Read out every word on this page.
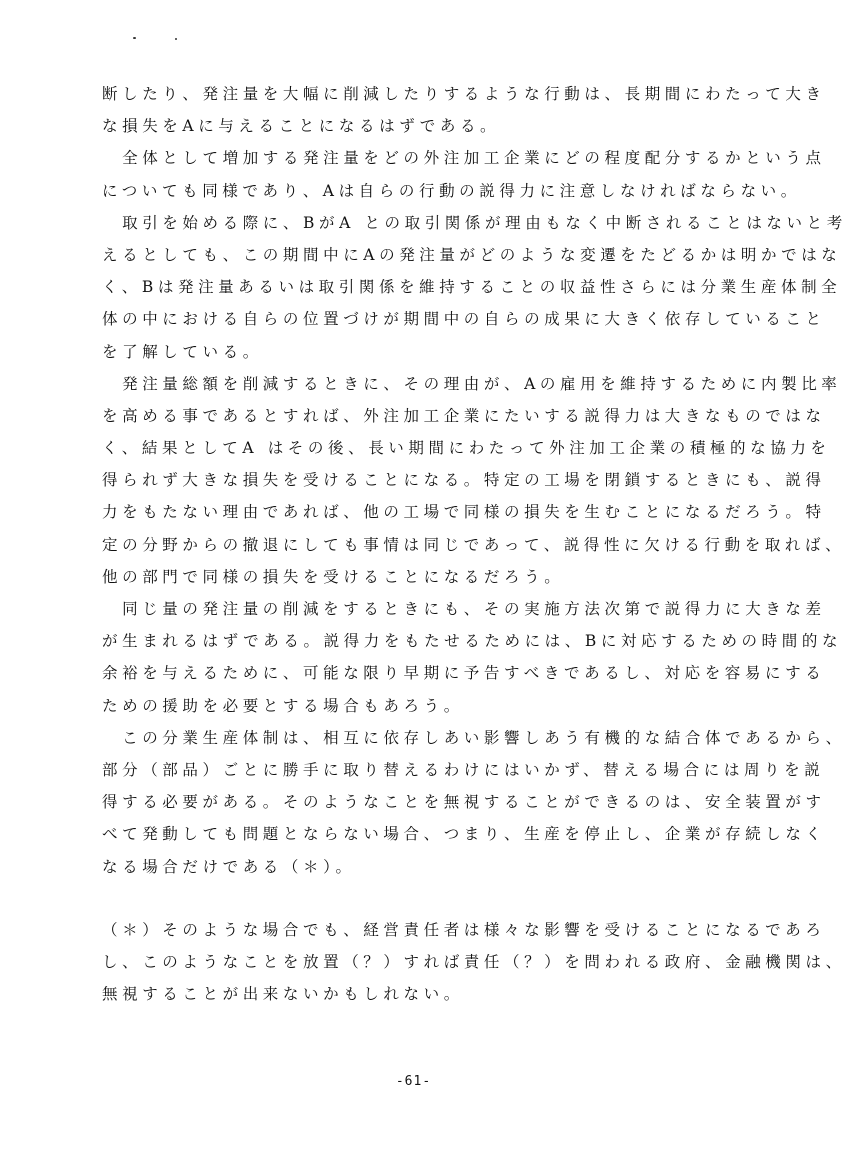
断したり、発注量を大幅に削減したりするような行動は、長期間にわたって大き
な損失をAに与えることになるはずである。
　全体として増加する発注量をどの外注加工企業にどの程度配分するかという点
についても同様であり、Aは自らの行動の説得力に注意しなければならない。
　取引を始める際に、BがA との取引関係が理由もなく中断されることはないと考
えるとしても、この期間中にAの発注量がどのような変遷をたどるかは明かではな
く、Bは発注量あるいは取引関係を維持することの収益性さらには分業生産体制全
体の中における自らの位置づけが期間中の自らの成果に大きく依存していること
を了解している。
　発注量総額を削減するときに、その理由が、Aの雇用を維持するために内製比率
を高める事であるとすれば、外注加工企業にたいする説得力は大きなものではな
く、結果としてA はその後、長い期間にわたって外注加工企業の積極的な協力を
得られず大きな損失を受けることになる。特定の工場を閉鎖するときにも、説得
力をもたない理由であれば、他の工場で同様の損失を生むことになるだろう。特
定の分野からの撤退にしても事情は同じであって、説得性に欠ける行動を取れば、
他の部門で同様の損失を受けることになるだろう。
　同じ量の発注量の削減をするときにも、その実施方法次第で説得力に大きな差
が生まれるはずである。説得力をもたせるためには、Bに対応するための時間的な
余裕を与えるために、可能な限り早期に予告すべきであるし、対応を容易にする
ための援助を必要とする場合もあろう。
　この分業生産体制は、相互に依存しあい影響しあう有機的な結合体であるから、
部分（部品）ごとに勝手に取り替えるわけにはいかず、替える場合には周りを説
得する必要がある。そのようなことを無視することができるのは、安全装置がす
べて発動しても問題とならない場合、つまり、生産を停止し、企業が存続しなく
なる場合だけである（＊）。
（＊）そのような場合でも、経営責任者は様々な影響を受けることになるであろ
し、このようなことを放置（？）すれば責任（？）を問われる政府、金融機関は、
無視することが出来ないかもしれない。
-61-
